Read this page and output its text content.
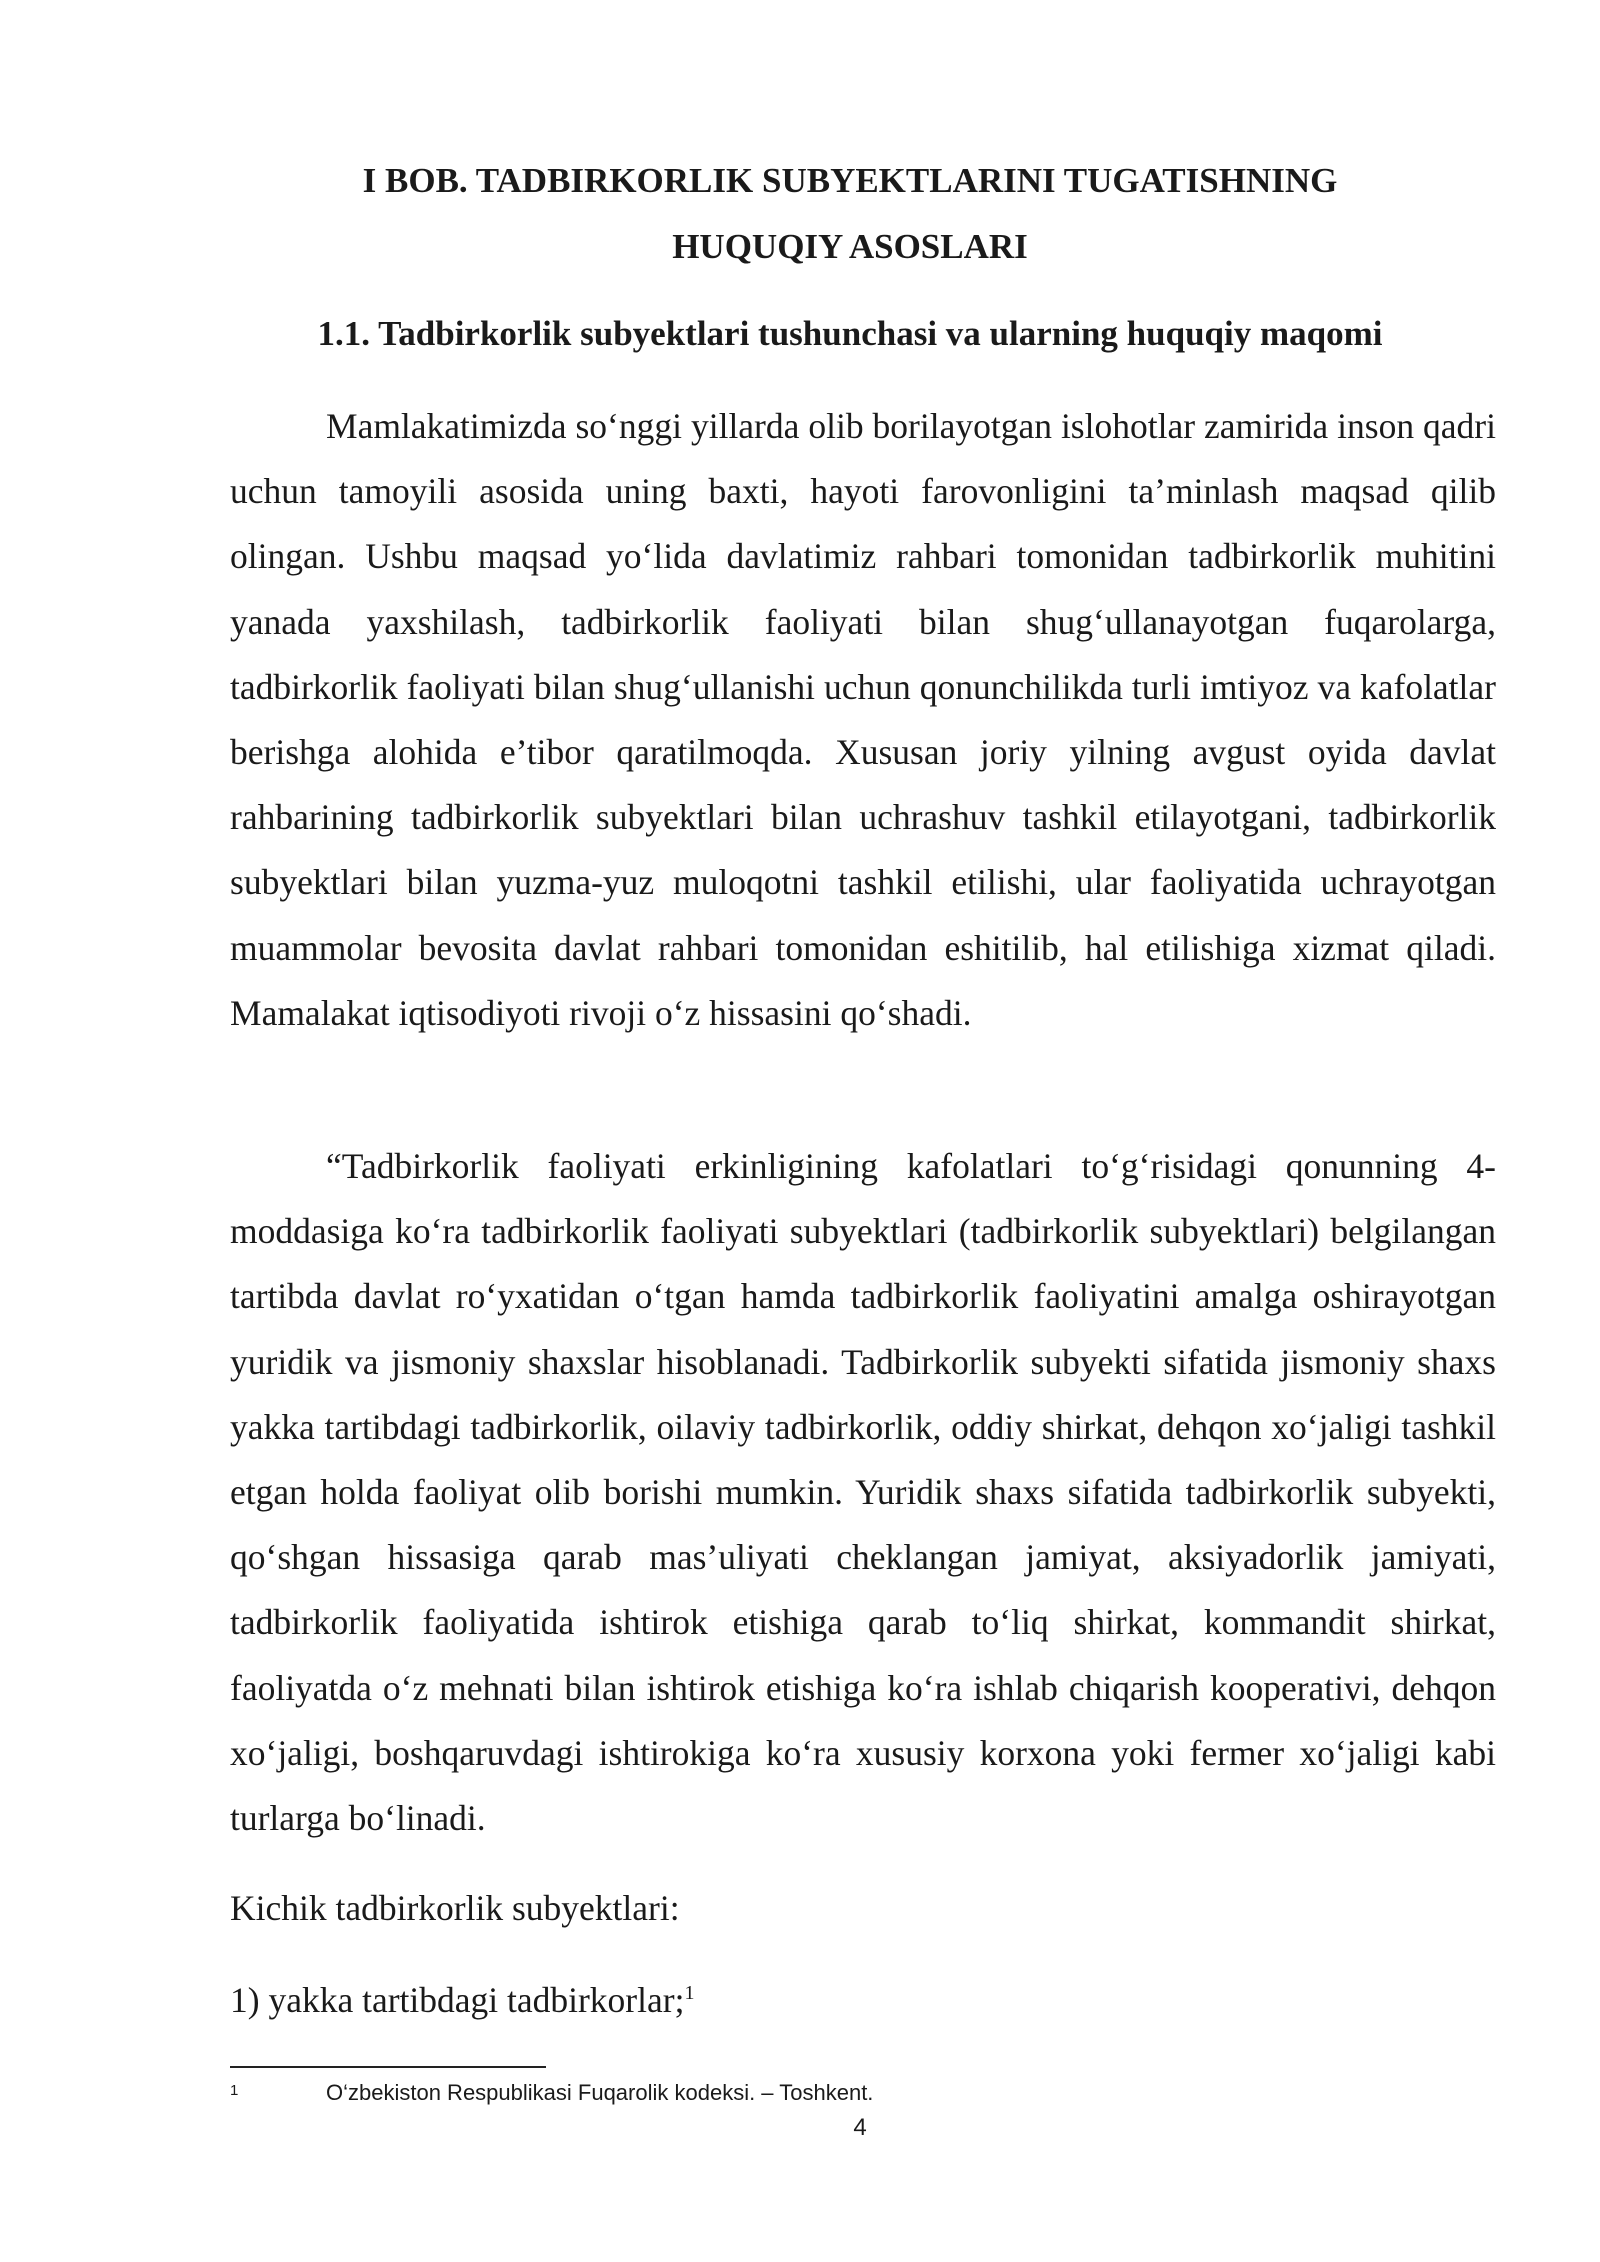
I BOB. TADBIRKORLIK SUBYEKTLARINI TUGATISHNING
HUQUQIY ASOSLARI
1.1. Tadbirkorlik subyektlari tushunchasi va ularning huquqiy maqomi

Mamlakatimizda so‘nggi yillarda olib borilayotgan islohotlar zamirida inson qadri uchun tamoyili asosida uning baxti, hayoti farovonligini ta’minlash maqsad qilib olingan. Ushbu maqsad yo‘lida davlatimiz rahbari tomonidan tadbirkorlik muhitini yanada yaxshilash, tadbirkorlik faoliyati bilan shug‘ullanayotgan fuqarolarga, tadbirkorlik faoliyati bilan shug‘ullanishi uchun qonunchilikda turli imtiyoz va kafolatlar berishga alohida e’tibor qaratilmoqda. Xususan joriy yilning avgust oyida davlat rahbarining tadbirkorlik subyektlari bilan uchrashuv tashkil etilayotgani, tadbirkorlik subyektlari bilan yuzma-yuz muloqotni tashkil etilishi, ular faoliyatida uchrayotgan muammolar bevosita davlat rahbari tomonidan eshitilib, hal etilishiga xizmat qiladi. Mamalakat iqtisodiyoti rivoji o‘z hissasini qo‘shadi.

“Tadbirkorlik faoliyati erkinligining kafolatlari to‘g‘risidagi qonunning 4-moddasiga ko‘ra tadbirkorlik faoliyati subyektlari (tadbirkorlik subyektlari) belgilangan tartibda davlat ro‘yxatidan o‘tgan hamda tadbirkorlik faoliyatini amalga oshirayotgan yuridik va jismoniy shaxslar hisoblanadi. Tadbirkorlik subyekti sifatida jismoniy shaxs yakka tartibdagi tadbirkorlik, oilaviy tadbirkorlik, oddiy shirkat, dehqon xo‘jaligi tashkil etgan holda faoliyat olib borishi mumkin. Yuridik shaxs sifatida tadbirkorlik subyekti, qo‘shgan hissasiga qarab mas’uliyati cheklangan jamiyat, aksiyadorlik jamiyati, tadbirkorlik faoliyatida ishtirok etishiga qarab to‘liq shirkat, kommandit shirkat, faoliyatda o‘z mehnati bilan ishtirok etishiga ko‘ra ishlab chiqarish kooperativi, dehqon xo‘jaligi, boshqaruvdagi ishtirokiga ko‘ra xususiy korxona yoki fermer xo‘jaligi kabi turlarga bo‘linadi.

Kichik tadbirkorlik subyektlari:

1) yakka tartibdagi tadbirkorlar;$^1$

1	O‘zbekiston Respublikasi Fuqarolik kodeksi. – Toshkent.
4
